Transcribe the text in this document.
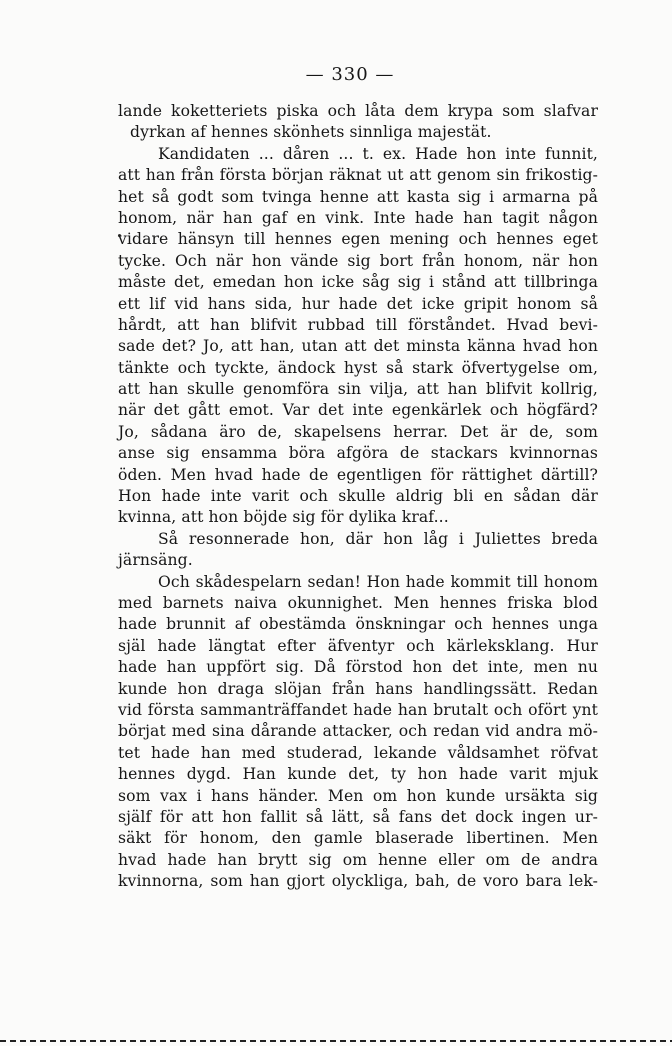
— 330 —
lande koketteriets piska och låta dem krypa som slafvar
dyrkan af hennes skönhets sinnliga majestät.
Kandidaten ... dåren ... t. ex. Hade hon inte funnit,
att han från första början räknat ut att genom sin frikostig-
het så godt som tvinga henne att kasta sig i armarna på
honom, när han gaf en vink. Inte hade han tagit någon
vidare hänsyn till hennes egen mening och hennes eget
tycke. Och när hon vände sig bort från honom, när hon
måste det, emedan hon icke såg sig i stånd att tillbringa
ett lif vid hans sida, hur hade det icke gripit honom så
hårdt, att han blifvit rubbad till förståndet. Hvad bevi-
sade det? Jo, att han, utan att det minsta känna hvad hon
tänkte och tyckte, ändock hyst så stark öfvertygelse om,
att han skulle genomföra sin vilja, att han blifvit kollrig,
när det gått emot. Var det inte egenkärlek och högfärd?
Jo, sådana äro de, skapelsens herrar. Det är de, som
anse sig ensamma böra afgöra de stackars kvinnornas
öden. Men hvad hade de egentligen för rättighet därtill?
Hon hade inte varit och skulle aldrig bli en sådan där
kvinna, att hon böjde sig för dylika kraf...
Så resonnerade hon, där hon låg i Juliettes breda
järnsäng.
Och skådespelarn sedan! Hon hade kommit till honom
med barnets naiva okunnighet. Men hennes friska blod
hade brunnit af obestämda önskningar och hennes unga
själ hade längtat efter äfventyr och kärleksklang. Hur
hade han uppfört sig. Då förstod hon det inte, men nu
kunde hon draga slöjan från hans handlingssätt. Redan
vid första sammanträffandet hade han brutalt och ofört ynt
börjat med sina dårande attacker, och redan vid andra mö-
tet hade han med studerad, lekande våldsamhet röfvat
hennes dygd. Han kunde det, ty hon hade varit mjuk
som vax i hans händer. Men om hon kunde ursäkta sig
själf för att hon fallit så lätt, så fans det dock ingen ur-
säkt för honom, den gamle blaserade libertinen. Men
hvad hade han brytt sig om henne eller om de andra
kvinnorna, som han gjort olyckliga, bah, de voro bara lek-
